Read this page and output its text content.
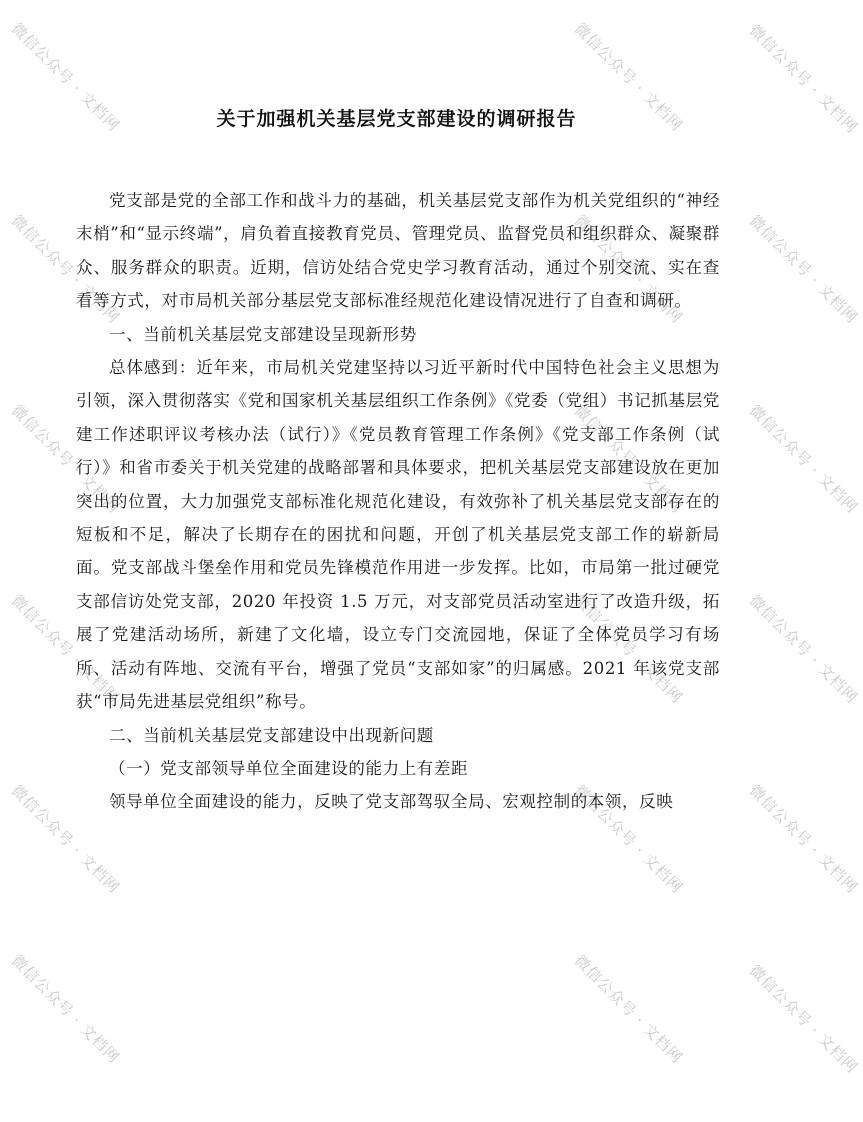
微信公众号 · 文档网	微信公众号 · 文档网
微信公众号 · 文档网	微信公众号 · 文档网
微信公众号 · 文档网	微信公众号 · 文档网
微信公众号 · 文档网	微信公众号 · 文档网
微信公众号 · 文档网	微信公众号 · 文档网
微信公众号 · 文档网	微信公众号 · 文档网
微信公众号 · 文档网
微信公众号 · 文档网
微信公众号 · 文档网
微信公众号 · 文档网
微信公众号 · 文档网
微信公众号 · 文档网
关于加强机关基层党支部建设的调研报告

党支部是党的全部工作和战斗力的基础，机关基层党支部作为机关党组织的“神经末梢”和“显示终端”，肩负着直接教育党员、管理党员、监督党员和组织群众、凝聚群众、服务群众的职责。近期，信访处结合党史学习教育活动，通过个别交流、实在查看等方式，对市局机关部分基层党支部标准经规范化建设情况进行了自查和调研。

一、当前机关基层党支部建设呈现新形势

总体感到：近年来，市局机关党建坚持以习近平新时代中国特色社会主义思想为引领，深入贯彻落实《党和国家机关基层组织工作条例》《党委（党组）书记抓基层党建工作述职评议考核办法（试行）》《党员教育管理工作条例》《党支部工作条例（试行）》和省市委关于机关党建的战略部署和具体要求，把机关基层党支部建设放在更加突出的位置，大力加强党支部标准化规范化建设，有效弥补了机关基层党支部存在的短板和不足，解决了长期存在的困扰和问题，开创了机关基层党支部工作的崭新局面。党支部战斗堡垒作用和党员先锋模范作用进一步发挥。比如，市局第一批过硬党支部信访处党支部，2020 年投资 1.5 万元，对支部党员活动室进行了改造升级，拓展了党建活动场所，新建了文化墙，设立专门交流园地，保证了全体党员学习有场所、活动有阵地、交流有平台，增强了党员“支部如家”的归属感。2021 年该党支部获“市局先进基层党组织”称号。

二、当前机关基层党支部建设中出现新问题

（一）党支部领导单位全面建设的能力上有差距

领导单位全面建设的能力，反映了党支部驾驭全局、宏观控制的本领，反映
